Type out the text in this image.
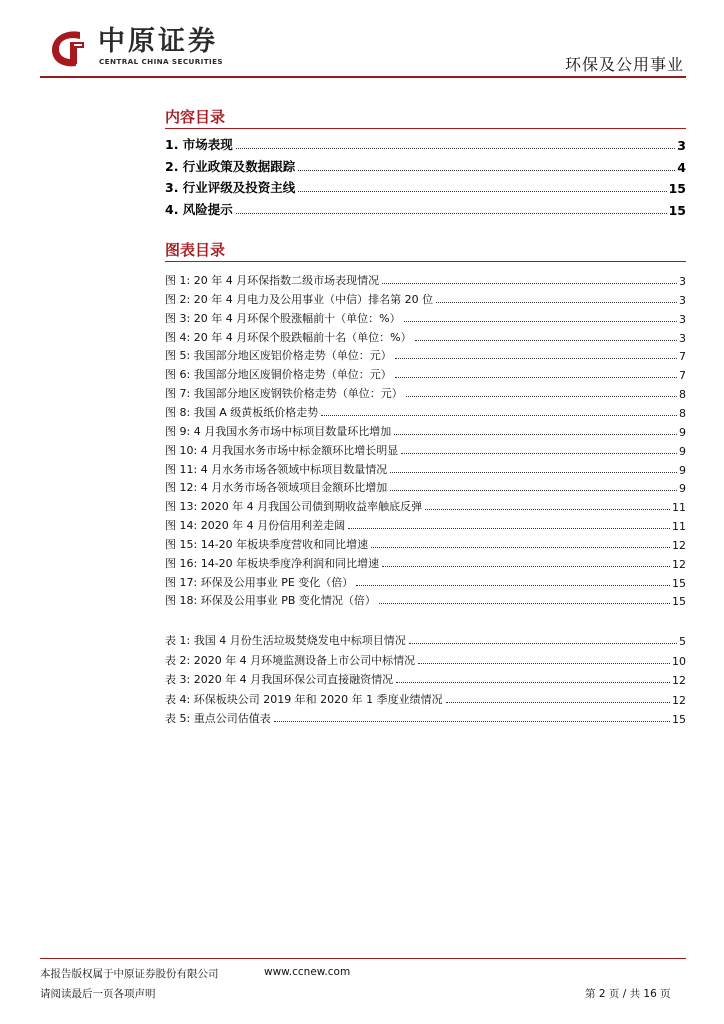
中原证券
CENTRAL CHINA SECURITIES	环保及公用事业
内容目录
1. 市场表现	3
2. 行业政策及数据跟踪	4
3. 行业评级及投资主线	15
4. 风险提示	15
图表目录
图 1: 20 年 4 月环保指数二级市场表现情况	3
图 2: 20 年 4 月电力及公用事业（中信）排名第 20 位	3
图 3: 20 年 4 月环保个股涨幅前十（单位：%）	3
图 4: 20 年 4 月环保个股跌幅前十名（单位：%）	3
图 5: 我国部分地区废铝价格走势（单位：元）	7
图 6: 我国部分地区废铜价格走势（单位：元）	7
图 7: 我国部分地区废钢铁价格走势（单位：元）	8
图 8: 我国 A 级黄板纸价格走势	8
图 9: 4 月我国水务市场中标项目数量环比增加	9
图 10: 4 月我国水务市场中标金额环比增长明显	9
图 11: 4 月水务市场各领域中标项目数量情况	9
图 12: 4 月水务市场各领域项目金额环比增加	9
图 13: 2020 年 4 月我国公司债到期收益率触底反弹	11
图 14: 2020 年 4 月份信用利差走阔	11
图 15: 14-20 年板块季度营收和同比增速	12
图 16: 14-20 年板块季度净利润和同比增速	12
图 17: 环保及公用事业 PE 变化（倍）	15
图 18: 环保及公用事业 PB 变化情况（倍）	15
表 1: 我国 4 月份生活垃圾焚烧发电中标项目情况	5
表 2: 2020 年 4 月环境监测设备上市公司中标情况	10
表 3: 2020 年 4 月我国环保公司直接融资情况	12
表 4: 环保板块公司 2019 年和 2020 年 1 季度业绩情况	12
表 5: 重点公司估值表	15
本报告版权属于中原证券股份有限公司	www.ccnew.com
请阅读最后一页各项声明	第 2 页 / 共 16 页
